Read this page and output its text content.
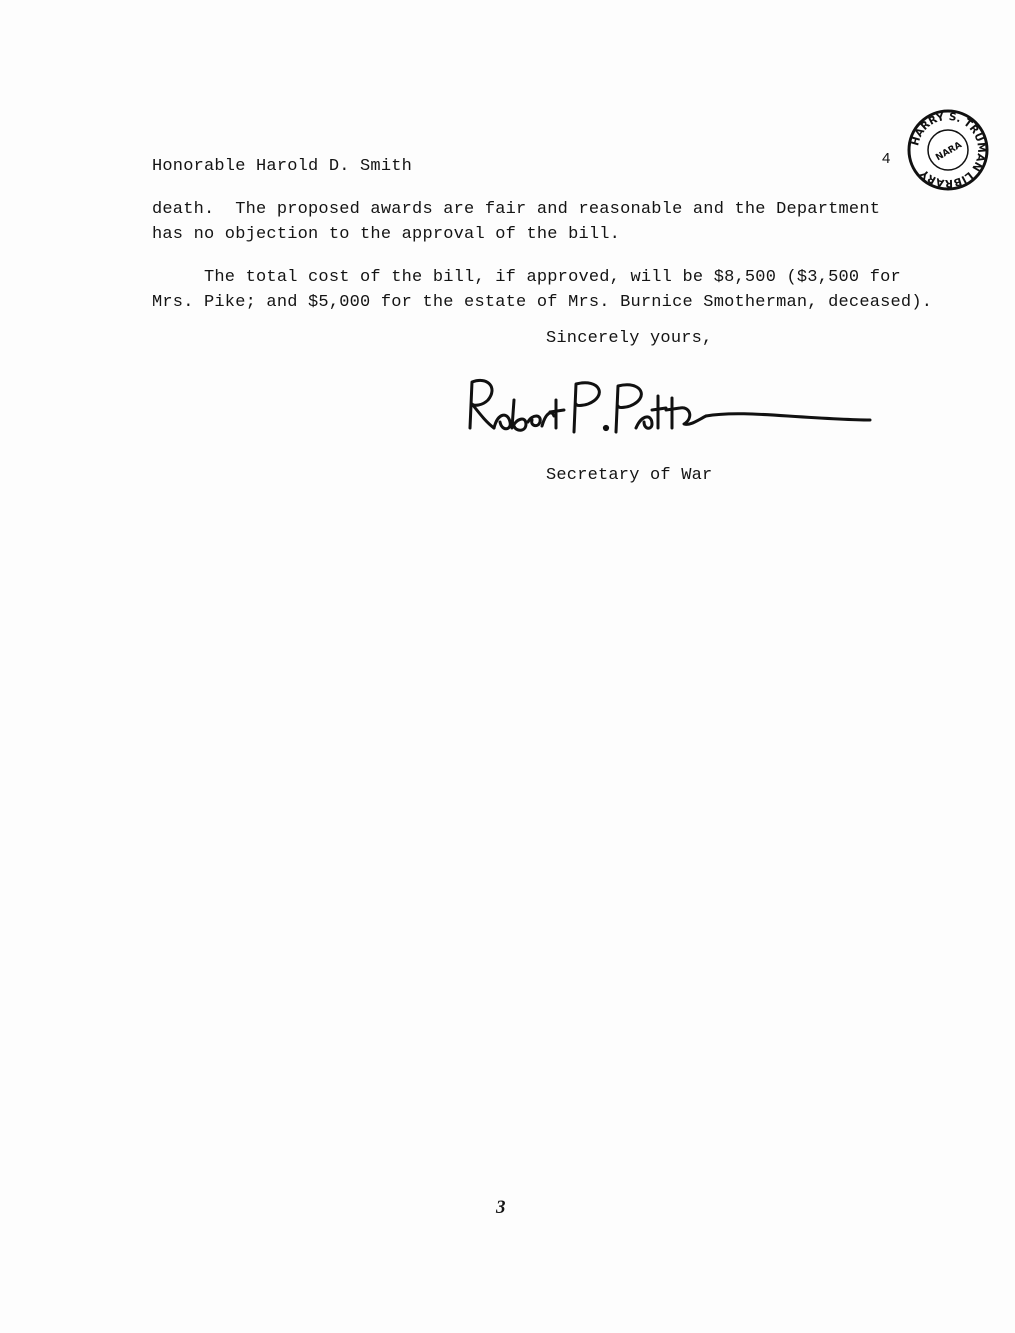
HARRY S. TRUMAN LIBRARY
NARA
Honorable Harold D. Smith	4
death.  The proposed awards are fair and reasonable and the Department
has no objection to the approval of the bill.
The total cost of the bill, if approved, will be $8,500 ($3,500 for
Mrs. Pike; and $5,000 for the estate of Mrs. Burnice Smotherman, deceased).
Sincerely yours,
Secretary of War
3
